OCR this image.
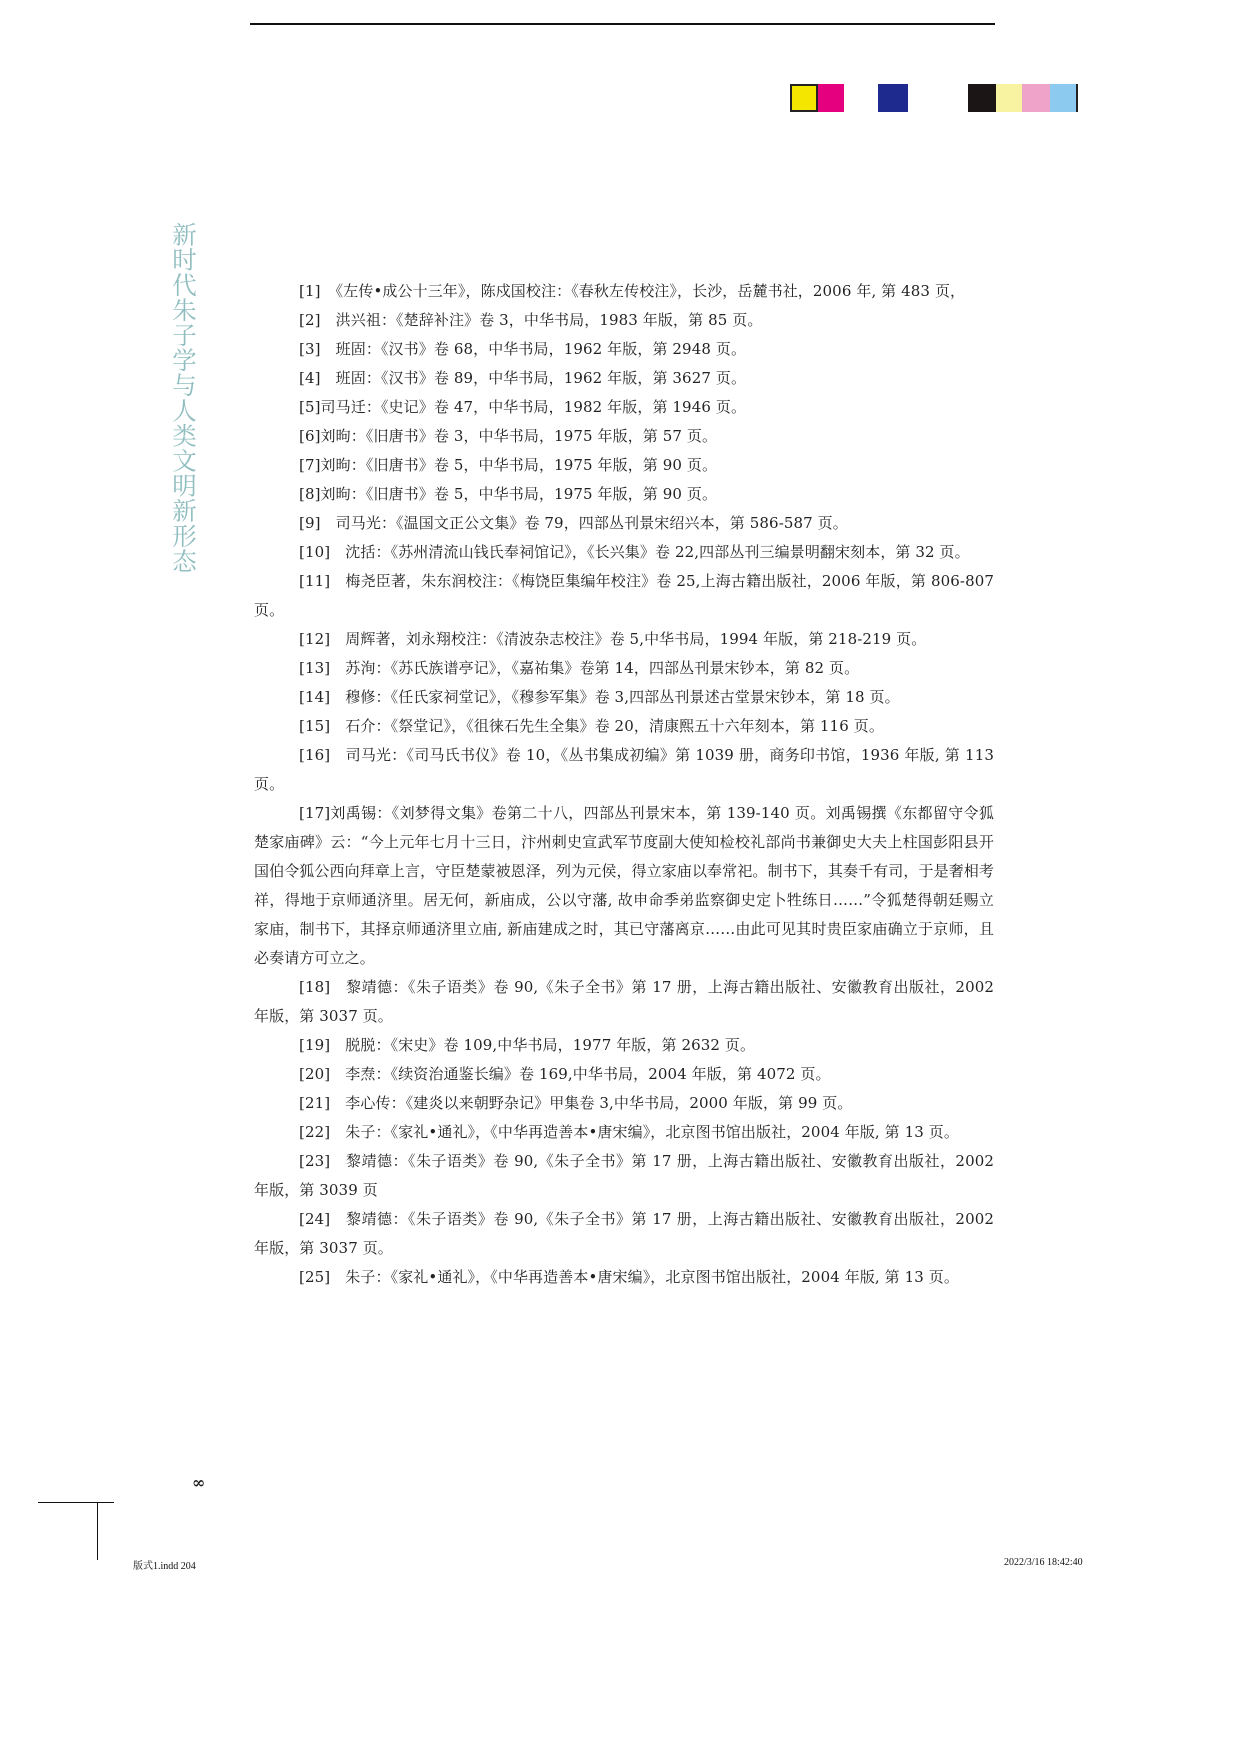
新时代朱子学与人类文明新形态	[1]　《左传•成公十三年》，陈戍国校注：《春秋左传校注》，长沙，岳麓书社，2006 年, 第 483 页，
[2]　洪兴祖：《楚辞补注》卷 3，中华书局，1983 年版，第 85 页。
[3]　班固：《汉书》卷 68，中华书局，1962 年版，第 2948 页。
[4]　班固：《汉书》卷 89，中华书局，1962 年版，第 3627 页。
[5]司马迁：《史记》卷 47，中华书局，1982 年版，第 1946 页。
[6]刘昫：《旧唐书》卷 3，中华书局，1975 年版，第 57 页。
[7]刘昫：《旧唐书》卷 5，中华书局，1975 年版，第 90 页。
[8]刘昫：《旧唐书》卷 5，中华书局，1975 年版，第 90 页。
[9]　司马光：《温国文正公文集》卷 79，四部丛刊景宋绍兴本，第 586-587 页。
[10]　沈括：《苏州清流山钱氏奉祠馆记》，《长兴集》卷 22,四部丛刊三编景明翻宋刻本，第 32 页。
[11]　梅尧臣著，朱东润校注：《梅饶臣集编年校注》卷 25,上海古籍出版社，2006 年版，第 806-807 页。
[12]　周辉著，刘永翔校注：《清波杂志校注》卷 5,中华书局，1994 年版，第 218-219 页。
[13]　苏洵：《苏氏族谱亭记》，《嘉祐集》卷第 14，四部丛刊景宋钞本，第 82 页。
[14]　穆修：《任氏家祠堂记》，《穆参军集》卷 3,四部丛刊景述古堂景宋钞本，第 18 页。
[15]　石介：《祭堂记》，《徂徕石先生全集》卷 20，清康熙五十六年刻本，第 116 页。
[16]　司马光：《司马氏书仪》卷 10，《丛书集成初编》第 1039 册，商务印书馆，1936 年版, 第 113 页。
[17]刘禹锡：《刘梦得文集》卷第二十八，四部丛刊景宋本，第 139-140 页。刘禹锡撰《东都留守令狐楚家庙碑》云：“今上元年七月十三日，汴州刺史宣武军节度副大使知检校礼部尚书兼御史大夫上柱国彭阳县开国伯令狐公西向拜章上言，守臣楚蒙被恩泽，列为元侯，得立家庙以奉常祀。制书下，其奏千有司，于是奢相考祥，得地于京师通济里。居无何，新庙成，公以守藩, 故申命季弟监察御史定卜牲练日……”令狐楚得朝廷赐立家庙，制书下，其择京师通济里立庙, 新庙建成之时，其已守藩离京……由此可见其时贵臣家庙确立于京师，且必奏请方可立之。
[18]　黎靖德：《朱子语类》卷 90,《朱子全书》第 17 册，上海古籍出版社、安徽教育出版社，2002 年版，第 3037 页。
[19]　脱脱：《宋史》卷 109,中华书局，1977 年版，第 2632 页。
[20]　李焘：《续资治通鉴长编》卷 169,中华书局，2004 年版，第 4072 页。
[21]　李心传：《建炎以来朝野杂记》甲集卷 3,中华书局，2000 年版，第 99 页。
[22]　朱子：《家礼•通礼》，《中华再造善本•唐宋编》，北京图书馆出版社，2004 年版, 第 13 页。
[23]　黎靖德：《朱子语类》卷 90,《朱子全书》第 17 册，上海古籍出版社、安徽教育出版社，2002 年版，第 3039 页
[24]　黎靖德：《朱子语类》卷 90,《朱子全书》第 17 册，上海古籍出版社、安徽教育出版社，2002 年版，第 3037 页。
[25]　朱子：《家礼•通礼》，《中华再造善本•唐宋编》，北京图书馆出版社，2004 年版, 第 13 页。
∞
版式1.indd 204	2022/3/16 18:42:40
